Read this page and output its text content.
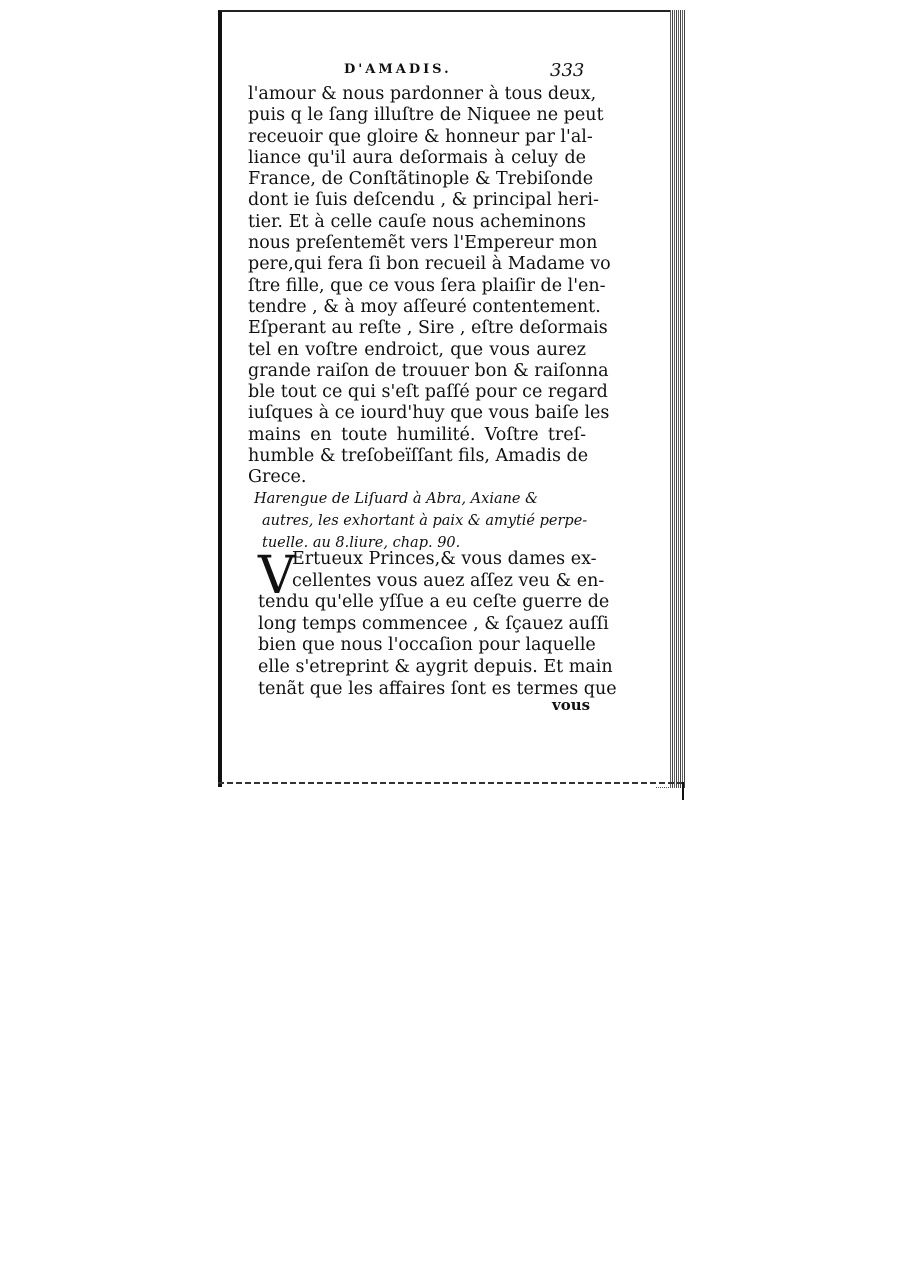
D'AMADIS.	333
l'amour & nous pardonner à tous deux,
puis q le ſang illuſtre de Niquee ne peut
receuoir que gloire & honneur par l'al-
liance qu'il aura deſormais à celuy de
France, de Conſtãtinople & Trebiſonde
dont ie ſuis deſcendu , & principal heri-
tier. Et à celle cauſe nous acheminons
nous preſentemẽt vers l'Empereur mon
pere,qui fera ſi bon recueil à Madame vo
ſtre fille, que ce vous ſera plaiſir de l'en-
tendre , & à moy aſſeuré contentement.
Eſperant au reſte , Sire , eſtre deſormais
tel en voſtre endroict, que vous aurez
grande raiſon de trouuer bon & raiſonna
ble tout ce qui s'eſt paſſé pour ce regard
iuſques à ce iourd'huy que vous baiſe les
mains en toute humilité. Voſtre treſ-
humble & treſobeïſſant fils, Amadis de
Grece.
Harengue de Liſuard à Abra, Axiane &
autres, les exhortant à paix & amytié perpe-
tuelle. au 8.liure, chap. 90.
V
Ertueux Princes,& vous dames ex-
cellentes vous auez aſſez veu & en-
tendu qu'elle yſſue a eu ceſte guerre de
long temps commencee , & ſçauez auſſi
bien que nous l'occaſion pour laquelle
elle s'etreprint & aygrit depuis. Et main
tenãt que les affaires ſont es termes que
vous
